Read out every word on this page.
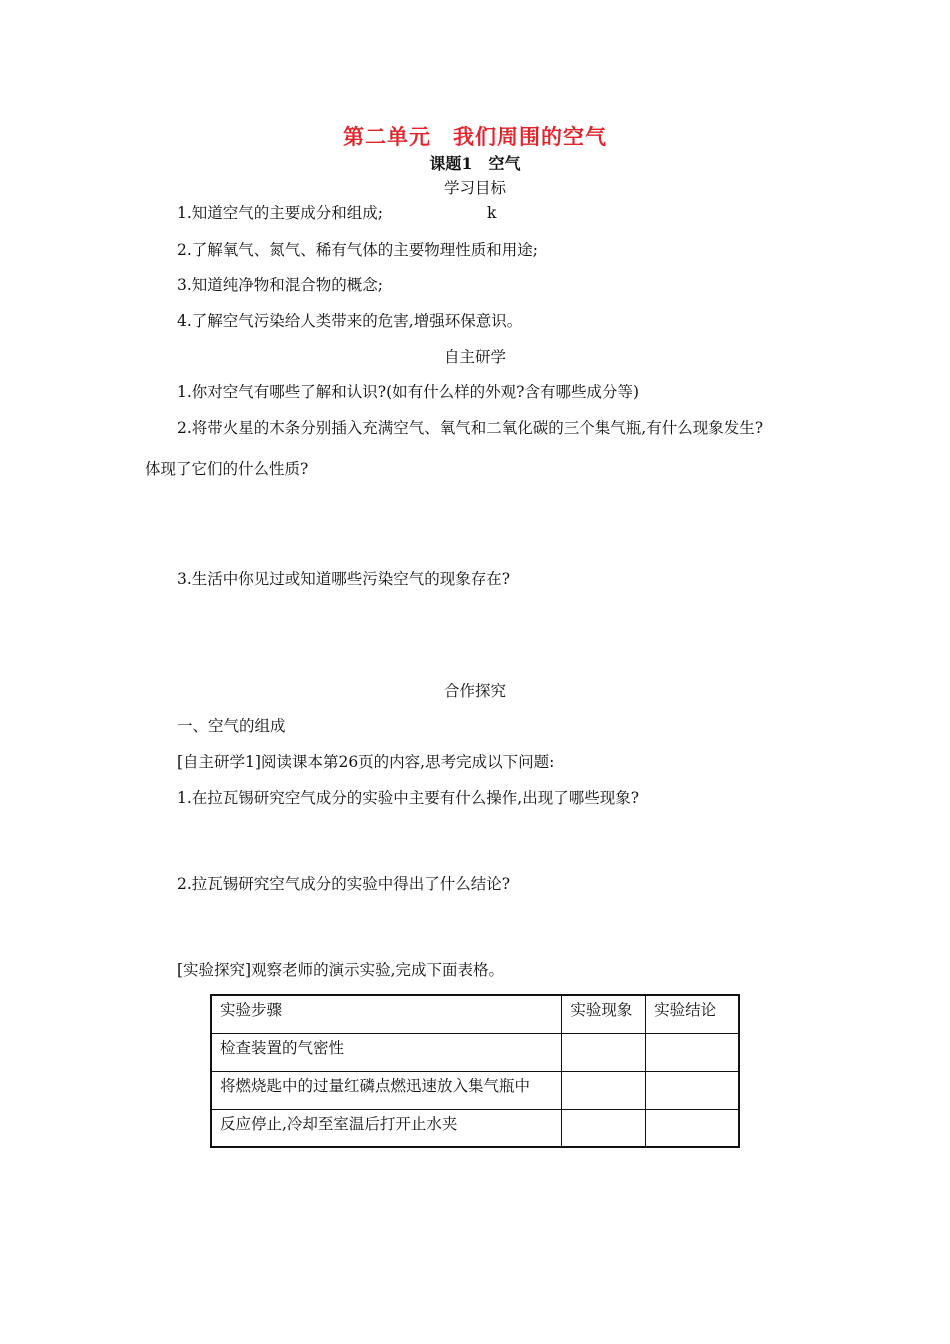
第二单元　我们周围的空气
课题1　空气
学习目标
1.知道空气的主要成分和组成;	k
2.了解氧气、氮气、稀有气体的主要物理性质和用途;
3.知道纯净物和混合物的概念;
4.了解空气污染给人类带来的危害,增强环保意识。
自主研学
1.你对空气有哪些了解和认识?(如有什么样的外观?含有哪些成分等)
2.将带火星的木条分别插入充满空气、氧气和二氧化碳的三个集气瓶,有什么现象发生?
体现了它们的什么性质?
3.生活中你见过或知道哪些污染空气的现象存在?
合作探究
一、空气的组成
[自主研学1]阅读课本第26页的内容,思考完成以下问题:
1.在拉瓦锡研究空气成分的实验中主要有什么操作,出现了哪些现象?
2.拉瓦锡研究空气成分的实验中得出了什么结论?
[实验探究]观察老师的演示实验,完成下面表格。
实验步骤	实验现象	实验结论
检查装置的气密性		
将燃烧匙中的过量红磷点燃迅速放入集气瓶中		
反应停止,冷却至室温后打开止水夹		
